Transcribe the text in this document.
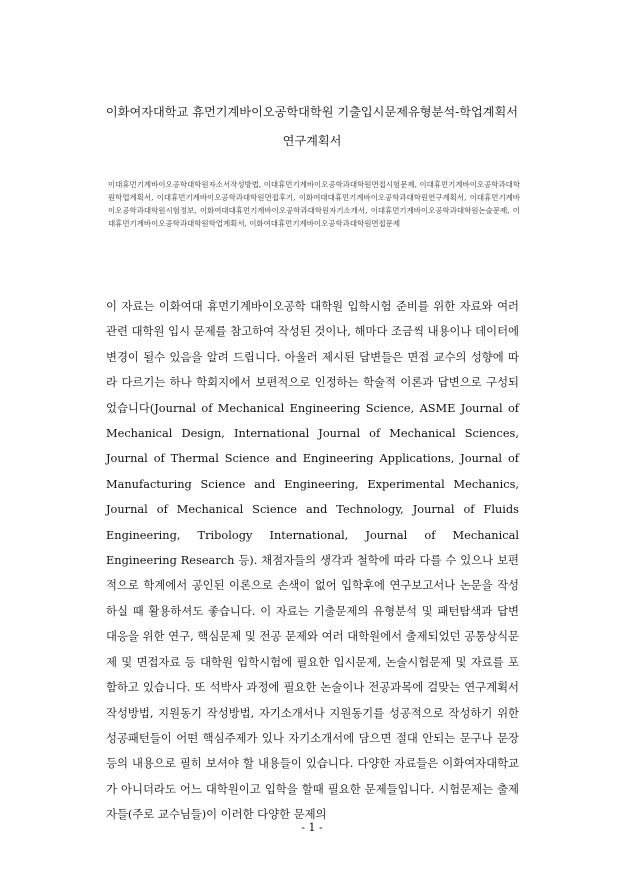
이화여자대학교 휴먼기계바이오공학대학원 기출입시문제유형분석-학업계획서
연구계획서
이대휴먼기계바이오공학대학원자소서작성방법, 이대휴먼기계바이오공학과대학원면접시험문제, 이대휴먼기계바이오공학과대학원학업계획서, 이대휴먼기계바이오공학과대학원면접후기, 이화여대대휴먼기계바이오공학과대학원연구계획서, 이대휴먼기계바이오공학과대학원시험정보, 이화여대대휴먼기계바이오공학과대학원자기소개서, 이대휴먼기계바이오공학과대학원논술문제, 이대휴먼기계바이오공학과대학원학업계획서, 이화여대휴먼기계바이오공학과대학원면접문제
이 자료는 이화여대 휴먼기계바이오공학 대학원 입학시험 준비를 위한 자료와 여러 관련 대학원 입시 문제를 참고하여 작성된 것이나, 해마다 조금씩 내용이나 데이터에 변경이 될수 있음을 알려 드립니다. 아울러 제시된 답변들은 면접 교수의 성향에 따라 다르기는 하나 학회지에서 보편적으로 인정하는 학술적 이론과 답변으로 구성되었습니다(Journal of Mechanical Engineering Science, ASME Journal of Mechanical Design, International Journal of Mechanical Sciences, Journal of Thermal Science and Engineering Applications, Journal of Manufacturing Science and Engineering, Experimental Mechanics, Journal of Mechanical Science and Technology, Journal of Fluids Engineering, Tribology International, Journal of Mechanical Engineering Research 등). 채점자들의 생각과 철학에 따라 다를 수 있으나 보편적으로 학계에서 공인된 이론으로 손색이 없어 입학후에 연구보고서나 논문을 작성하실 때 활용하셔도 좋습니다. 이 자료는 기출문제의 유형분석 및 패턴탐색과 답변 대응을 위한 연구, 핵심문제 및 전공 문제와 여러 대학원에서 출제되었던 공통상식문제 및 면접자료 등 대학원 입학시험에 필요한 입시문제, 논술시험문제 및 자료를 포함하고 있습니다. 또 석박사 과정에 필요한 논술이나 전공과목에 걸맞는 연구계획서 작성방법, 지원동기 작성방법, 자기소개서나 지원동기를 성공적으로 작성하기 위한 성공패턴들이 어떤 핵심주제가 있나 자기소개서에 담으면 절대 안되는 문구나 문장 등의 내용으로 필히 보셔야 할 내용들이 있습니다. 다양한 자료들은 이화여자대학교가 아니더라도 어느 대학원이고 입학을 할때 필요한 문제들입니다. 시험문제는 출제자들(주로 교수님들)이 이러한 다양한 문제의
- 1 -
